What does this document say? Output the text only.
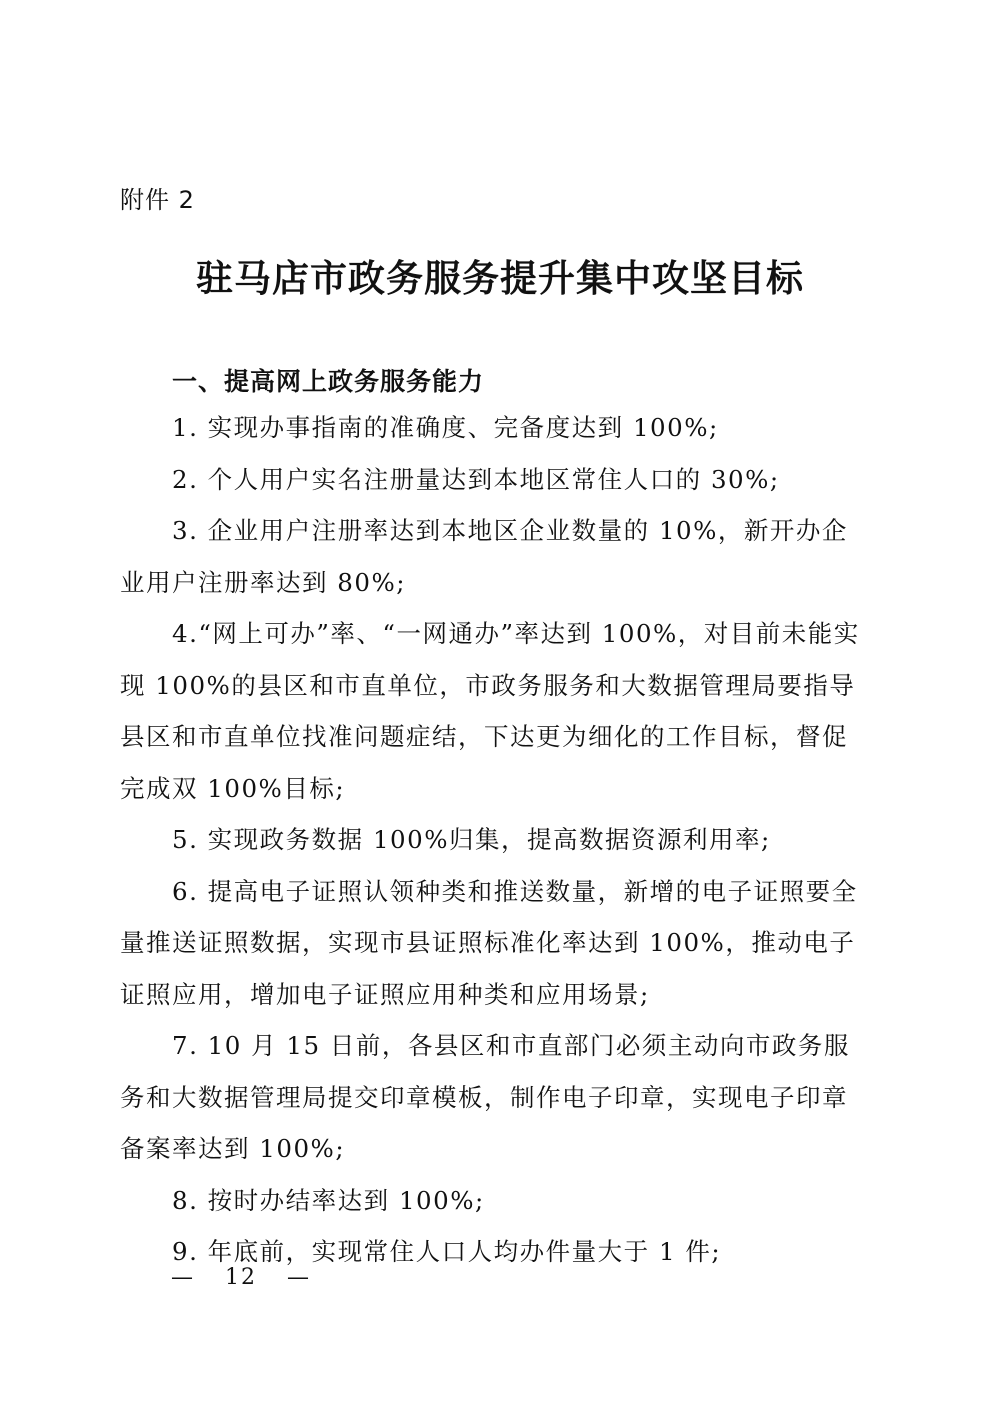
附件 2
驻马店市政务服务提升集中攻坚目标
一、提高网上政务服务能力

1. 实现办事指南的准确度、完备度达到 100%;

2. 个人用户实名注册量达到本地区常住人口的 30%;

3. 企业用户注册率达到本地区企业数量的 10%，新开办企业用户注册率达到 80%;

4.“网上可办”率、“一网通办”率达到 100%，对目前未能实现 100%的县区和市直单位，市政务服务和大数据管理局要指导县区和市直单位找准问题症结，下达更为细化的工作目标，督促完成双 100%目标;

5. 实现政务数据 100%归集，提高数据资源利用率;

6. 提高电子证照认领种类和推送数量，新增的电子证照要全量推送证照数据，实现市县证照标准化率达到 100%，推动电子证照应用，增加电子证照应用种类和应用场景;

7. 10 月 15 日前，各县区和市直部门必须主动向市政务服务和大数据管理局提交印章模板，制作电子印章，实现电子印章备案率达到 100%;

8. 按时办结率达到 100%;

9. 年底前，实现常住人口人均办件量大于 1 件;

— 12 —
